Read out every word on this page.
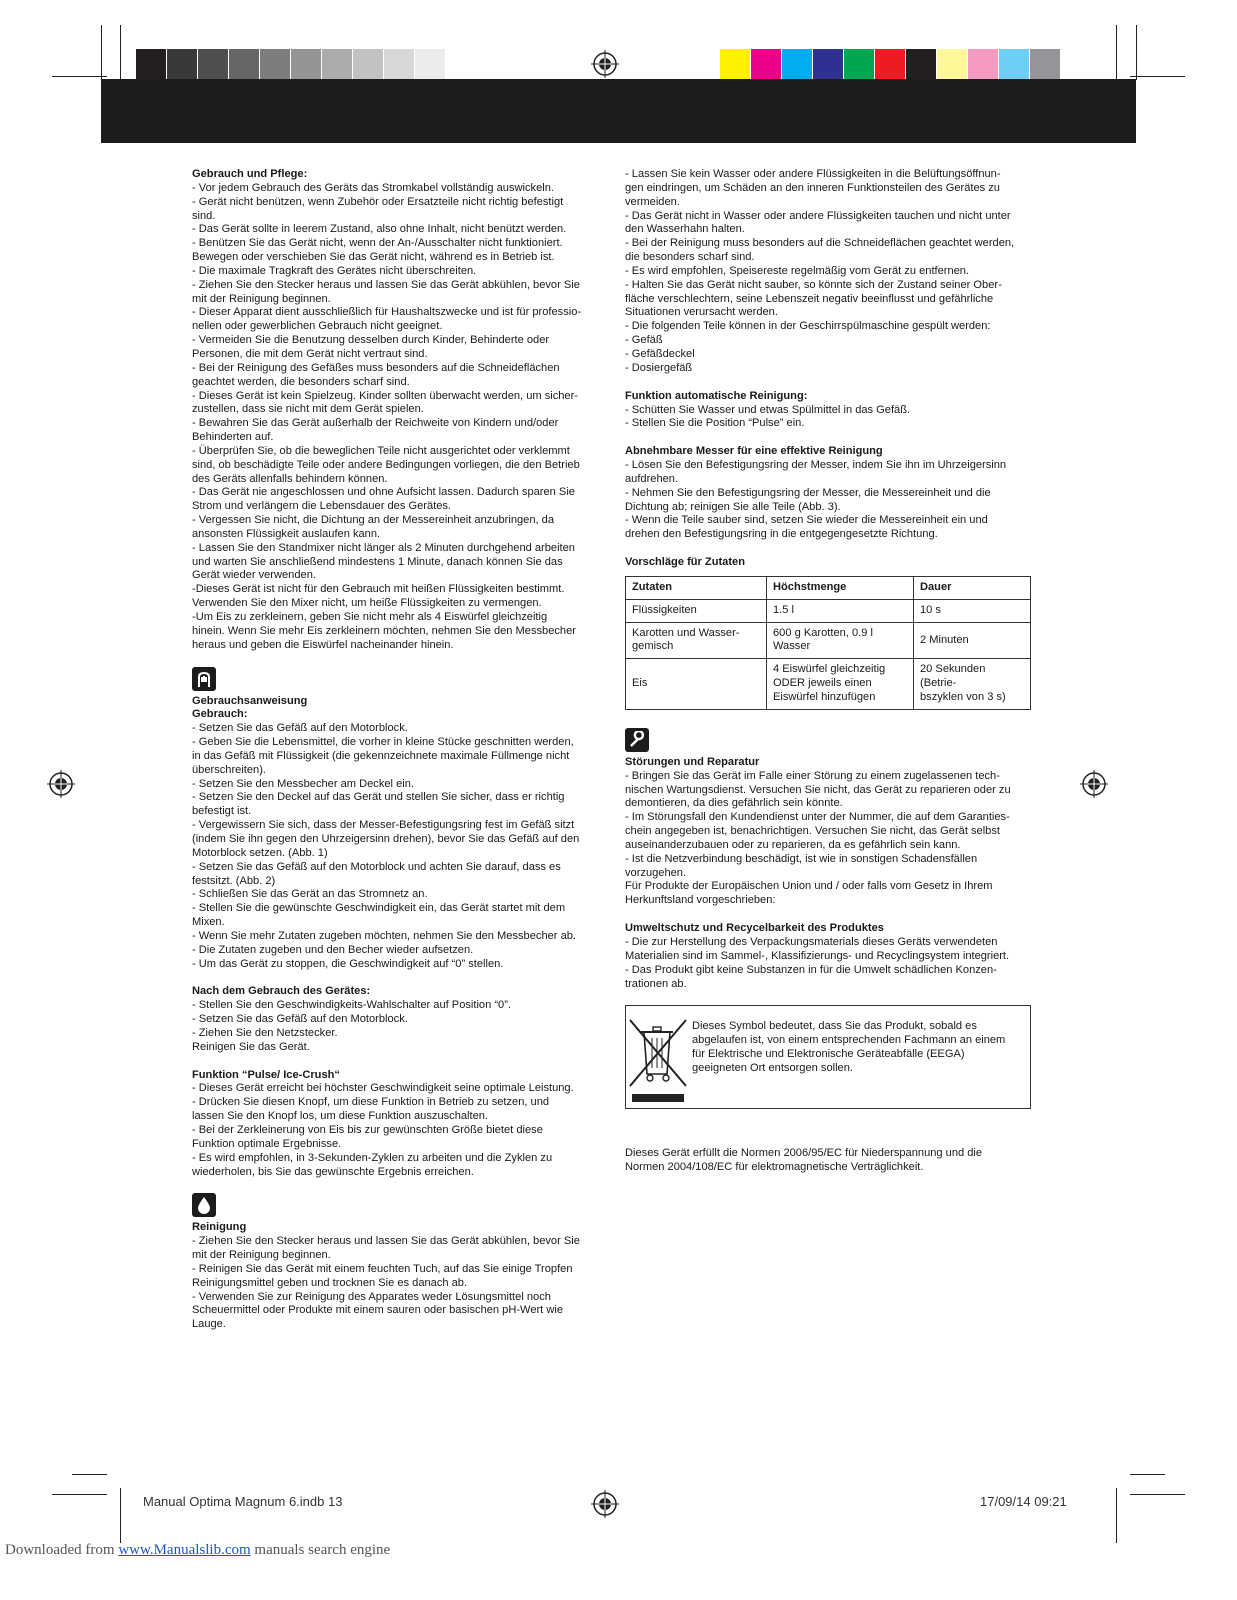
Gebrauch und Pflege:

- Vor jedem Gebrauch des Geräts das Stromkabel vollständig auswickeln.

- Gerät nicht benützen, wenn Zubehör oder Ersatzteile nicht richtig befestigt

sind.

- Das Gerät sollte in leerem Zustand, also ohne Inhalt, nicht benützt werden.

- Benützen Sie das Gerät nicht, wenn der An-/Ausschalter nicht funktioniert.

Bewegen oder verschieben Sie das Gerät nicht, während es in Betrieb ist.

- Die maximale Tragkraft des Gerätes nicht überschreiten.

- Ziehen Sie den Stecker heraus und lassen Sie das Gerät abkühlen, bevor Sie

mit der Reinigung beginnen.

- Dieser Apparat dient ausschließlich für Haushaltszwecke und ist für professio-

nellen oder gewerblichen Gebrauch nicht geeignet.

- Vermeiden Sie die Benutzung desselben durch Kinder, Behinderte oder

Personen, die mit dem Gerät nicht vertraut sind.

- Bei der Reinigung des Gefäßes muss besonders auf die Schneideflächen

geachtet werden, die besonders scharf sind.

- Dieses Gerät ist kein Spielzeug. Kinder sollten überwacht werden, um sicher-

zustellen, dass sie nicht mit dem Gerät spielen.

- Bewahren Sie das Gerät außerhalb der Reichweite von Kindern und/oder

Behinderten auf.

- Überprüfen Sie, ob die beweglichen Teile nicht ausgerichtet oder verklemmt

sind, ob beschädigte Teile oder andere Bedingungen vorliegen, die den Betrieb

des Geräts allenfalls behindern können.

- Das Gerät nie angeschlossen und ohne Aufsicht lassen. Dadurch sparen Sie

Strom und verlängern die Lebensdauer des Gerätes.

- Vergessen Sie nicht, die Dichtung an der Messereinheit anzubringen, da

ansonsten Flüssigkeit auslaufen kann.

- Lassen Sie den Standmixer nicht länger als 2 Minuten durchgehend arbeiten

und warten Sie anschließend mindestens 1 Minute, danach können Sie das

Gerät wieder verwenden.

-Dieses Gerät ist nicht für den Gebrauch mit heißen Flüssigkeiten bestimmt.

Verwenden Sie den Mixer nicht, um heiße Flüssigkeiten zu vermengen.

-Um Eis zu zerkleinern, geben Sie nicht mehr als 4 Eiswürfel gleichzeitig

hinein. Wenn Sie mehr Eis zerkleinern möchten, nehmen Sie den Messbecher

heraus und geben die Eiswürfel nacheinander hinein.

Gebrauchsanweisung

Gebrauch:

- Setzen Sie das Gefäß auf den Motorblock.

- Geben Sie die Lebensmittel, die vorher in kleine Stücke geschnitten werden,

in das Gefäß mit Flüssigkeit (die gekennzeichnete maximale Füllmenge nicht

überschreiten).

- Setzen Sie den Messbecher am Deckel ein.

- Setzen Sie den Deckel auf das Gerät und stellen Sie sicher, dass er richtig

befestigt ist.

- Vergewissern Sie sich, dass der Messer-Befestigungsring fest im Gefäß sitzt

(indem Sie ihn gegen den Uhrzeigersinn drehen), bevor Sie das Gefäß auf den

Motorblock setzen. (Abb. 1)

- Setzen Sie das Gefäß auf den Motorblock und achten Sie darauf, dass es

festsitzt. (Abb. 2)

- Schließen Sie das Gerät an das Stromnetz an.

- Stellen Sie die gewünschte Geschwindigkeit ein, das Gerät startet mit dem

Mixen.

- Wenn Sie mehr Zutaten zugeben möchten, nehmen Sie den Messbecher ab.

- Die Zutaten zugeben und den Becher wieder aufsetzen.

- Um das Gerät zu stoppen, die Geschwindigkeit auf “0” stellen.

Nach dem Gebrauch des Gerätes:

- Stellen Sie den Geschwindigkeits-Wahlschalter auf Position “0”.

- Setzen Sie das Gefäß auf den Motorblock.

- Ziehen Sie den Netzstecker.

Reinigen Sie das Gerät.

Funktion “Pulse/ Ice-Crush“

- Dieses Gerät erreicht bei höchster Geschwindigkeit seine optimale Leistung.

- Drücken Sie diesen Knopf, um diese Funktion in Betrieb zu setzen, und

lassen Sie den Knopf los, um diese Funktion auszuschalten.

- Bei der Zerkleinerung von Eis bis zur gewünschten Größe bietet diese

Funktion optimale Ergebnisse.

- Es wird empfohlen, in 3-Sekunden-Zyklen zu arbeiten und die Zyklen zu

wiederholen, bis Sie das gewünschte Ergebnis erreichen.

Reinigung

- Ziehen Sie den Stecker heraus und lassen Sie das Gerät abkühlen, bevor Sie

mit der Reinigung beginnen.

- Reinigen Sie das Gerät mit einem feuchten Tuch, auf das Sie einige Tropfen

Reinigungsmittel geben und trocknen Sie es danach ab.

- Verwenden Sie zur Reinigung des Apparates weder Lösungsmittel noch

Scheuermittel oder Produkte mit einem sauren oder basischen pH-Wert wie

Lauge.

- Lassen Sie kein Wasser oder andere Flüssigkeiten in die Belüftungsöffnun-

gen eindringen, um Schäden an den inneren Funktionsteilen des Gerätes zu

vermeiden.

- Das Gerät nicht in Wasser oder andere Flüssigkeiten tauchen und nicht unter

den Wasserhahn halten.

- Bei der Reinigung muss besonders auf die Schneideflächen geachtet werden,

die besonders scharf sind.

- Es wird empfohlen, Speisereste regelmäßig vom Gerät zu entfernen.

- Halten Sie das Gerät nicht sauber, so könnte sich der Zustand seiner Ober-

fläche verschlechtern, seine Lebenszeit negativ beeinflusst und gefährliche

Situationen verursacht werden.

- Die folgenden Teile können in der Geschirrspülmaschine gespült werden:

- Gefäß

- Gefäßdeckel

- Dosiergefäß

Funktion automatische Reinigung:

- Schütten Sie Wasser und etwas Spülmittel in das Gefäß.

- Stellen Sie die Position “Pulse” ein.

Abnehmbare Messer für eine effektive Reinigung

- Lösen Sie den Befestigungsring der Messer, indem Sie ihn im Uhrzeigersinn

aufdrehen.

- Nehmen Sie den Befestigungsring der Messer, die Messereinheit und die

Dichtung ab; reinigen Sie alle Teile (Abb. 3).

- Wenn die Teile sauber sind, setzen Sie wieder die Messereinheit ein und

drehen den Befestigungsring in die entgegengesetzte Richtung.

Vorschläge für Zutaten

Zutaten	Höchstmenge	Dauer
Flüssigkeiten	1.5 l	10 s
Karotten und Wasser-
gemisch	600 g Karotten, 0.9 l
Wasser	2 Minuten
Eis	4 Eiswürfel gleichzeitig
ODER jeweils einen
Eiswürfel hinzufügen	20 Sekunden (Betrie-
bszyklen von 3 s)

Störungen und Reparatur

- Bringen Sie das Gerät im Falle einer Störung zu einem zugelassenen tech-

nischen Wartungsdienst. Versuchen Sie nicht, das Gerät zu reparieren oder zu

demontieren, da dies gefährlich sein könnte.

- Im Störungsfall den Kundendienst unter der Nummer, die auf dem Garanties-

chein angegeben ist, benachrichtigen. Versuchen Sie nicht, das Gerät selbst

auseinanderzubauen oder zu reparieren, da es gefährlich sein kann.

- Ist die Netzverbindung beschädigt, ist wie in sonstigen Schadensfällen

vorzugehen.

Für Produkte der Europäischen Union und / oder falls vom Gesetz in Ihrem

Herkunftsland vorgeschrieben:

Umweltschutz und Recycelbarkeit des Produktes

- Die zur Herstellung des Verpackungsmaterials dieses Geräts verwendeten

Materialien sind im Sammel-, Klassifizierungs- und Recyclingsystem integriert.

- Das Produkt gibt keine Substanzen in für die Umwelt schädlichen Konzen-

trationen ab.

Dieses Symbol bedeutet, dass Sie das Produkt, sobald es

abgelaufen ist, von einem entsprechenden Fachmann an einem

für Elektrische und Elektronische Geräteabfälle (EEGA)

geeigneten Ort entsorgen sollen.

Dieses Gerät erfüllt die Normen 2006/95/EC für Niederspannung und die

Normen 2004/108/EC für elektromagnetische Verträglichkeit.

Manual Optima Magnum 6.indb 13	17/09/14 09:21
Downloaded from www.Manualslib.com manuals search engine
